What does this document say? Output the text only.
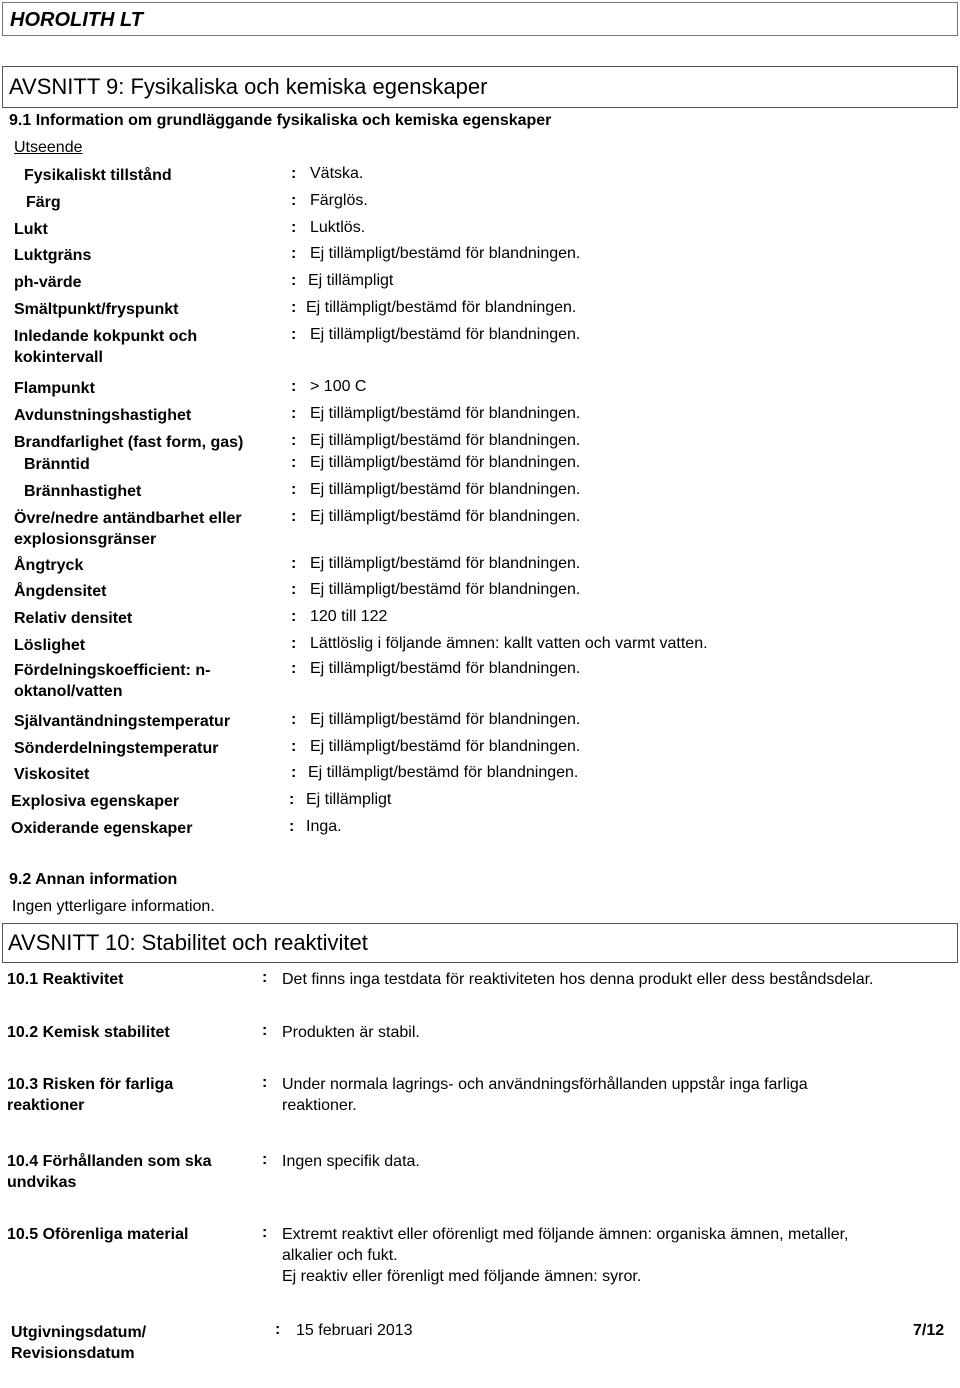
HOROLITH LT
AVSNITT 9: Fysikaliska och kemiska egenskaper
9.1 Information om grundläggande fysikaliska och kemiska egenskaper
Utseende
Fysikaliskt tillstånd	: Vätska.
Färg	: Färglös.
Lukt	: Luktlös.
Luktgräns	: Ej tillämpligt/bestämd för blandningen.
ph-värde	: Ej tillämpligt
Smältpunkt/fryspunkt	: Ej tillämpligt/bestämd för blandningen.
Inledande kokpunkt och
kokintervall
: Ej tillämpligt/bestämd för blandningen.
Flampunkt	: > 100 C
Avdunstningshastighet	: Ej tillämpligt/bestämd för blandningen.
Brandfarlighet (fast form, gas)	: Ej tillämpligt/bestämd för blandningen.
Bränntid	: Ej tillämpligt/bestämd för blandningen.
Brännhastighet	: Ej tillämpligt/bestämd för blandningen.
Övre/nedre antändbarhet eller
explosionsgränser
: Ej tillämpligt/bestämd för blandningen.
Ångtryck	: Ej tillämpligt/bestämd för blandningen.
Ångdensitet	: Ej tillämpligt/bestämd för blandningen.
Relativ densitet	: 120 till 122
Löslighet	: Lättlöslig i följande ämnen: kallt vatten och varmt vatten.
Fördelningskoefficient: n-
oktanol/vatten
: Ej tillämpligt/bestämd för blandningen.
Självantändningstemperatur	: Ej tillämpligt/bestämd för blandningen.
Sönderdelningstemperatur	: Ej tillämpligt/bestämd för blandningen.
Viskositet	: Ej tillämpligt/bestämd för blandningen.
Explosiva egenskaper	: Ej tillämpligt
Oxiderande egenskaper	: Inga.
9.2 Annan information
Ingen ytterligare information.
AVSNITT 10: Stabilitet och reaktivitet
10.1 Reaktivitet	: Det finns inga testdata för reaktiviteten hos denna produkt eller dess beståndsdelar.
10.2 Kemisk stabilitet	: Produkten är stabil.
10.3 Risken för farliga
reaktioner
: Under normala lagrings- och användningsförhållanden uppstår inga farliga
reaktioner.
10.4 Förhållanden som ska
undvikas
: Ingen specifik data.
10.5 Oförenliga material	: Extremt reaktivt eller oförenligt med följande ämnen: organiska ämnen, metaller,
alkalier och fukt.
Ej reaktiv eller förenligt med följande ämnen: syror.
Utgivningsdatum/
Revisionsdatum
: 15 februari 2013	7/12
